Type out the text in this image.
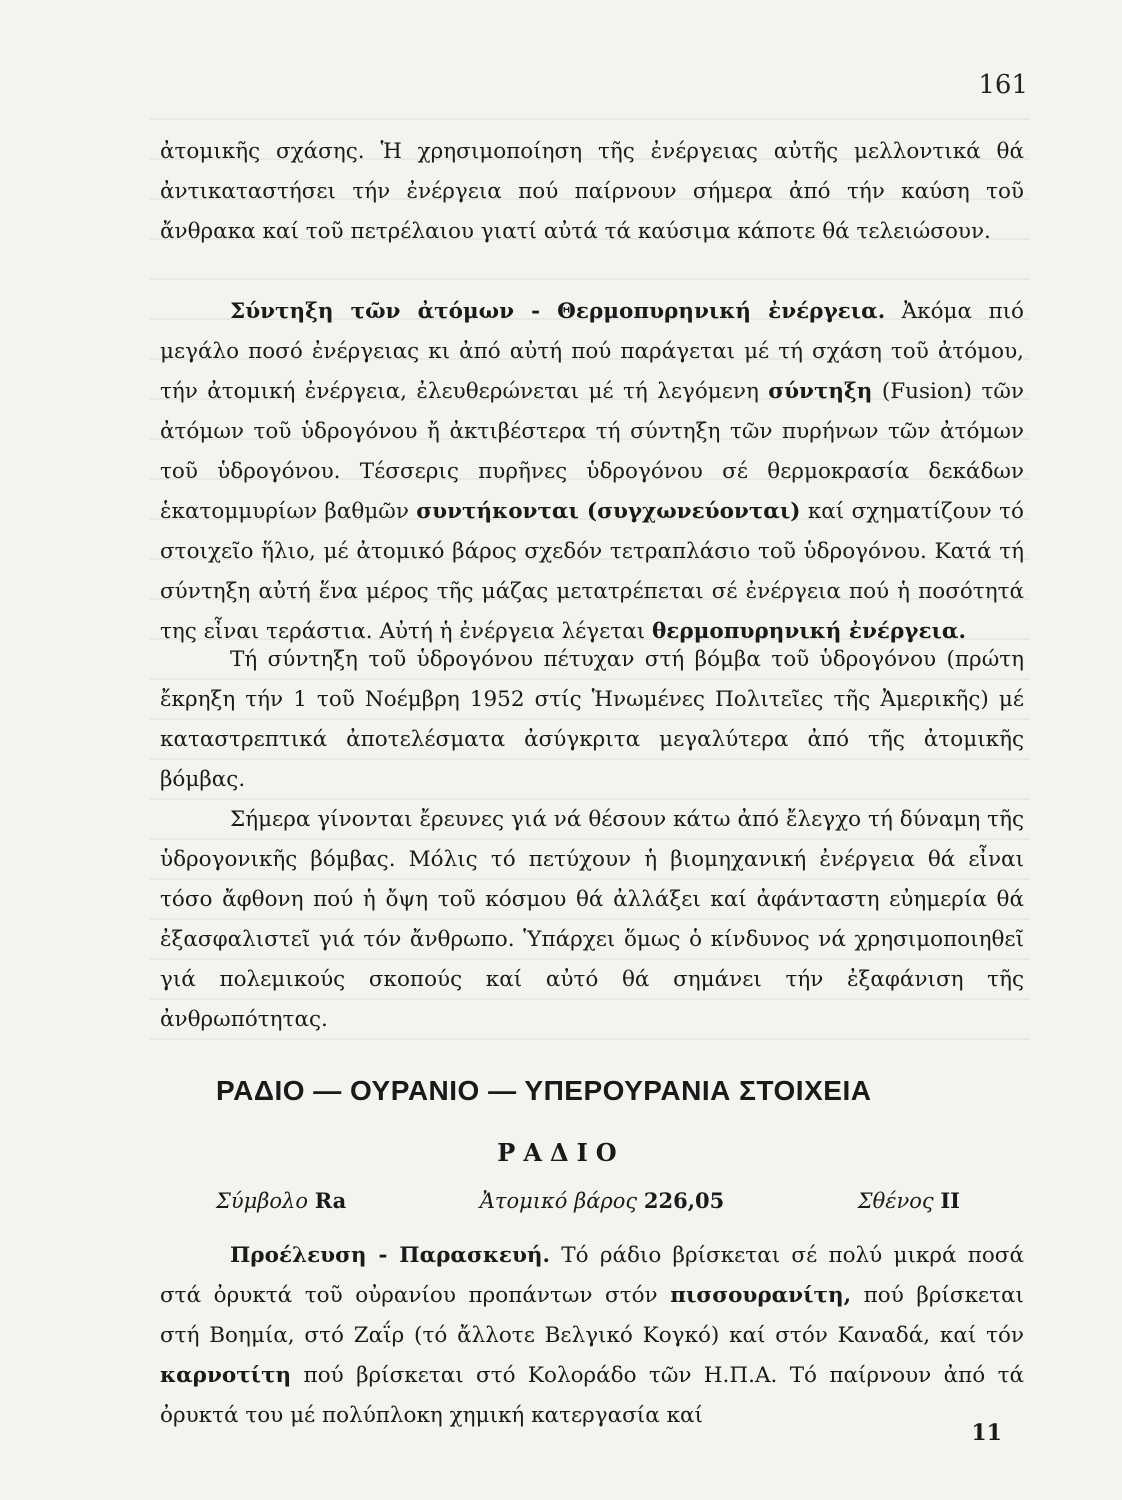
161
ἀτομικῆς σχάσης. Ἡ χρησιμοποίηση τῆς ἐνέργειας αὐτῆς μελλοντικά θά ἀντικαταστήσει τήν ἐνέργεια πού παίρνουν σήμερα ἀπό τήν καύση τοῦ ἄνθρακα καί τοῦ πετρέλαιου γιατί αὐτά τά καύσιμα κάποτε θά τελειώσουν.
Σύντηξη τῶν ἀτόμων - Θερμοπυρηνική ἐνέργεια. Ἀκόμα πιό μεγάλο ποσό ἐνέργειας κι ἀπό αὐτή πού παράγεται μέ τή σχάση τοῦ ἀτόμου, τήν ἀτομική ἐνέργεια, ἐλευθερώνεται μέ τή λεγόμενη σύντηξη (Fusion) τῶν ἀτόμων τοῦ ὑδρογόνου ἤ ἀκτιβέστερα τή σύντηξη τῶν πυρήνων τῶν ἀτόμων τοῦ ὑδρογόνου. Τέσσερις πυρῆνες ὑδρογόνου σέ θερμοκρασία δεκάδων ἑκατομμυρίων βαθμῶν συντήκονται (συγχωνεύονται) καί σχηματίζουν τό στοιχεῖο ἥλιο, μέ ἀτομικό βάρος σχεδόν τετραπλάσιο τοῦ ὑδρογόνου. Κατά τή σύντηξη αὐτή ἕνα μέρος τῆς μάζας μετατρέπεται σέ ἐνέργεια πού ἡ ποσότητά της εἶναι τεράστια. Αὐτή ἡ ἐνέργεια λέγεται θερμοπυρηνική ἐνέργεια.
Τή σύντηξη τοῦ ὑδρογόνου πέτυχαν στή βόμβα τοῦ ὑδρογόνου (πρώτη ἔκρηξη τήν 1 τοῦ Νοέμβρη 1952 στίς Ἡνωμένες Πολιτεῖες τῆς Ἀμερικῆς) μέ καταστρεπτικά ἀποτελέσματα ἀσύγκριτα μεγαλύτερα ἀπό τῆς ἀτομικῆς βόμβας.
Σήμερα γίνονται ἔρευνες γιά νά θέσουν κάτω ἀπό ἔλεγχο τή δύναμη τῆς ὑδρογονικῆς βόμβας. Μόλις τό πετύχουν ἡ βιομηχανική ἐνέργεια θά εἶναι τόσο ἄφθονη πού ἡ ὄψη τοῦ κόσμου θά ἀλλάξει καί ἀφάνταστη εὐημερία θά ἐξασφαλιστεῖ γιά τόν ἄνθρωπο. Ὑπάρχει ὅμως ὁ κίνδυνος νά χρησιμοποιηθεῖ γιά πολεμικούς σκοπούς καί αὐτό θά σημάνει τήν ἐξαφάνιση τῆς ἀνθρωπότητας.
ΡΑΔΙΟ — ΟΥΡΑΝΙΟ — ΥΠΕΡΟΥΡΑΝΙΑ ΣΤΟΙΧΕΙΑ
ΡΑΔΙΟ
Σύμβολο Ra	Ἀτομικό βάρος 226,05	Σθένος II
Προέλευση - Παρασκευή. Τό ράδιο βρίσκεται σέ πολύ μικρά ποσά στά ὀρυκτά τοῦ οὐρανίου προπάντων στόν πισσουρανίτη, πού βρίσκεται στή Βοημία, στό Ζαΐρ (τό ἄλλοτε Βελγικό Κογκό) καί στόν Καναδά, καί τόν καρνοτίτη πού βρίσκεται στό Κολοράδο τῶν Η.Π.Α. Τό παίρνουν ἀπό τά ὀρυκτά του μέ πολύπλοκη χημική κατεργασία καί
11
